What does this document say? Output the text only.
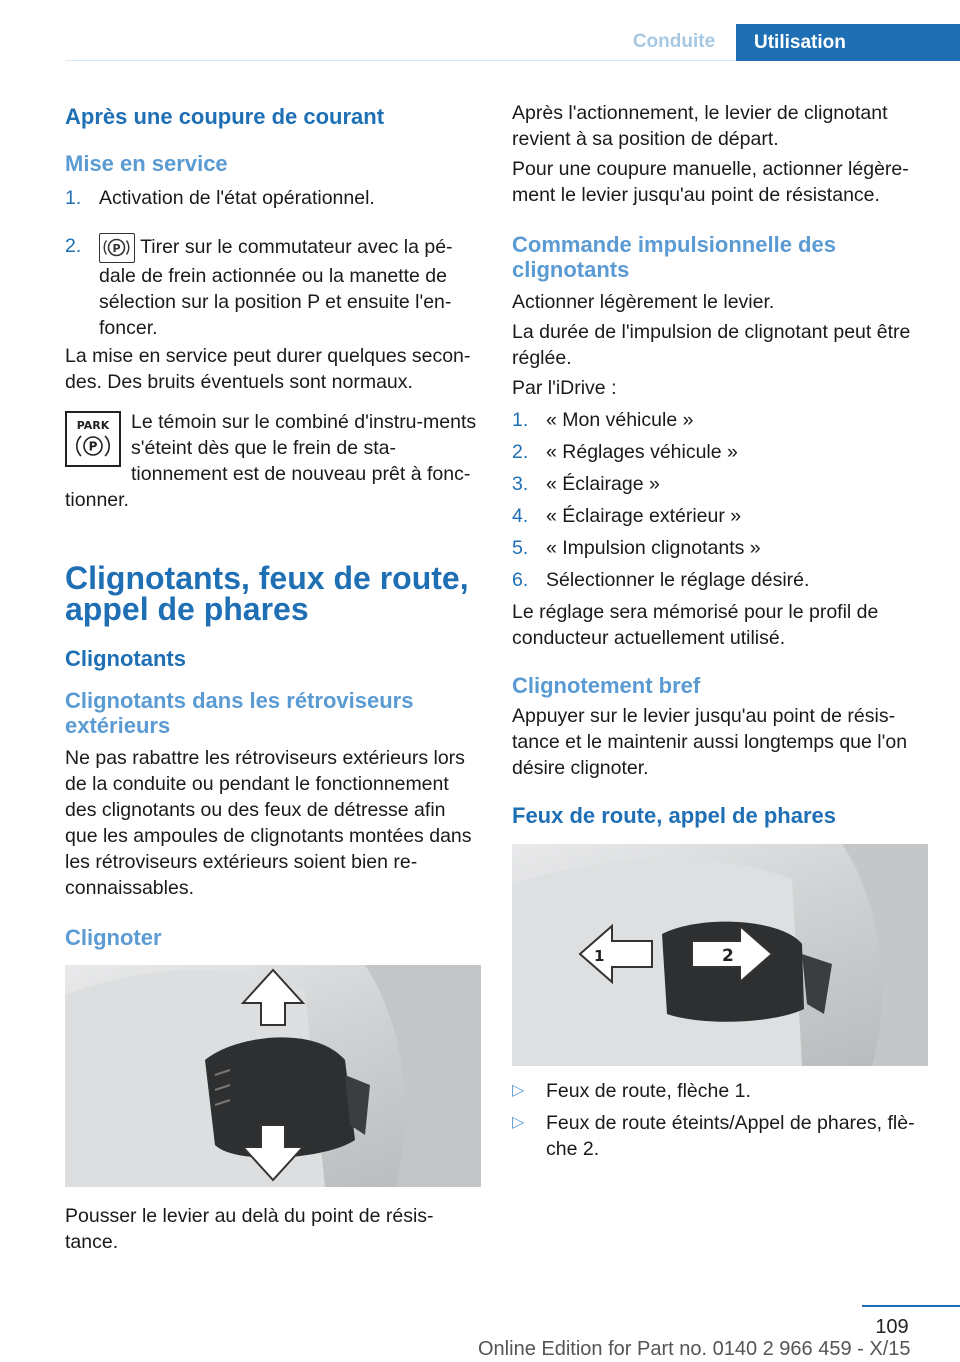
Conduite	Utilisation
Après une coupure de courant
Mise en service
1. Activation de l'état opérationnel.
2.	P Tirer sur le commutateur avec la pé-dale de frein actionnée ou la manette de sélection sur la position P et ensuite l'en-foncer.

La mise en service peut durer quelques secon-des. Des bruits éventuels sont normaux.

PARK
P

Le témoin sur le combiné d'instru-ments s'éteint dès que le frein de sta-tionnement est de nouveau prêt à fonc-tionner.

Clignotants, feux de route, appel de phares
Clignotants
Clignotants dans les rétroviseurs extérieurs

Ne pas rabattre les rétroviseurs extérieurs lors de la conduite ou pendant le fonctionnement des clignotants ou des feux de détresse afin que les ampoules de clignotants montées dans les rétroviseurs extérieurs soient bien re-connaissables.

Clignoter

Pousser le levier au delà du point de résis-tance.

Après l'actionnement, le levier de clignotant revient à sa position de départ.

Pour une coupure manuelle, actionner légère-ment le levier jusqu'au point de résistance.

Commande impulsionnelle des clignotants

Actionner légèrement le levier.

La durée de l'impulsion de clignotant peut être réglée.

Par l'iDrive :

1. « Mon véhicule »
2. « Réglages véhicule »
3. « Éclairage »
4. « Éclairage extérieur »
5. « Impulsion clignotants »
6. Sélectionner le réglage désiré.

Le réglage sera mémorisé pour le profil de conducteur actuellement utilisé.

Clignotement bref

Appuyer sur le levier jusqu'au point de résis-tance et le maintenir aussi longtemps que l'on désire clignoter.

Feux de route, appel de phares
1	2
▷ Feux de route, flèche 1.
▷ Feux de route éteints/Appel de phares, flè-che 2.
109
Online Edition for Part no. 0140 2 966 459 - X/15
